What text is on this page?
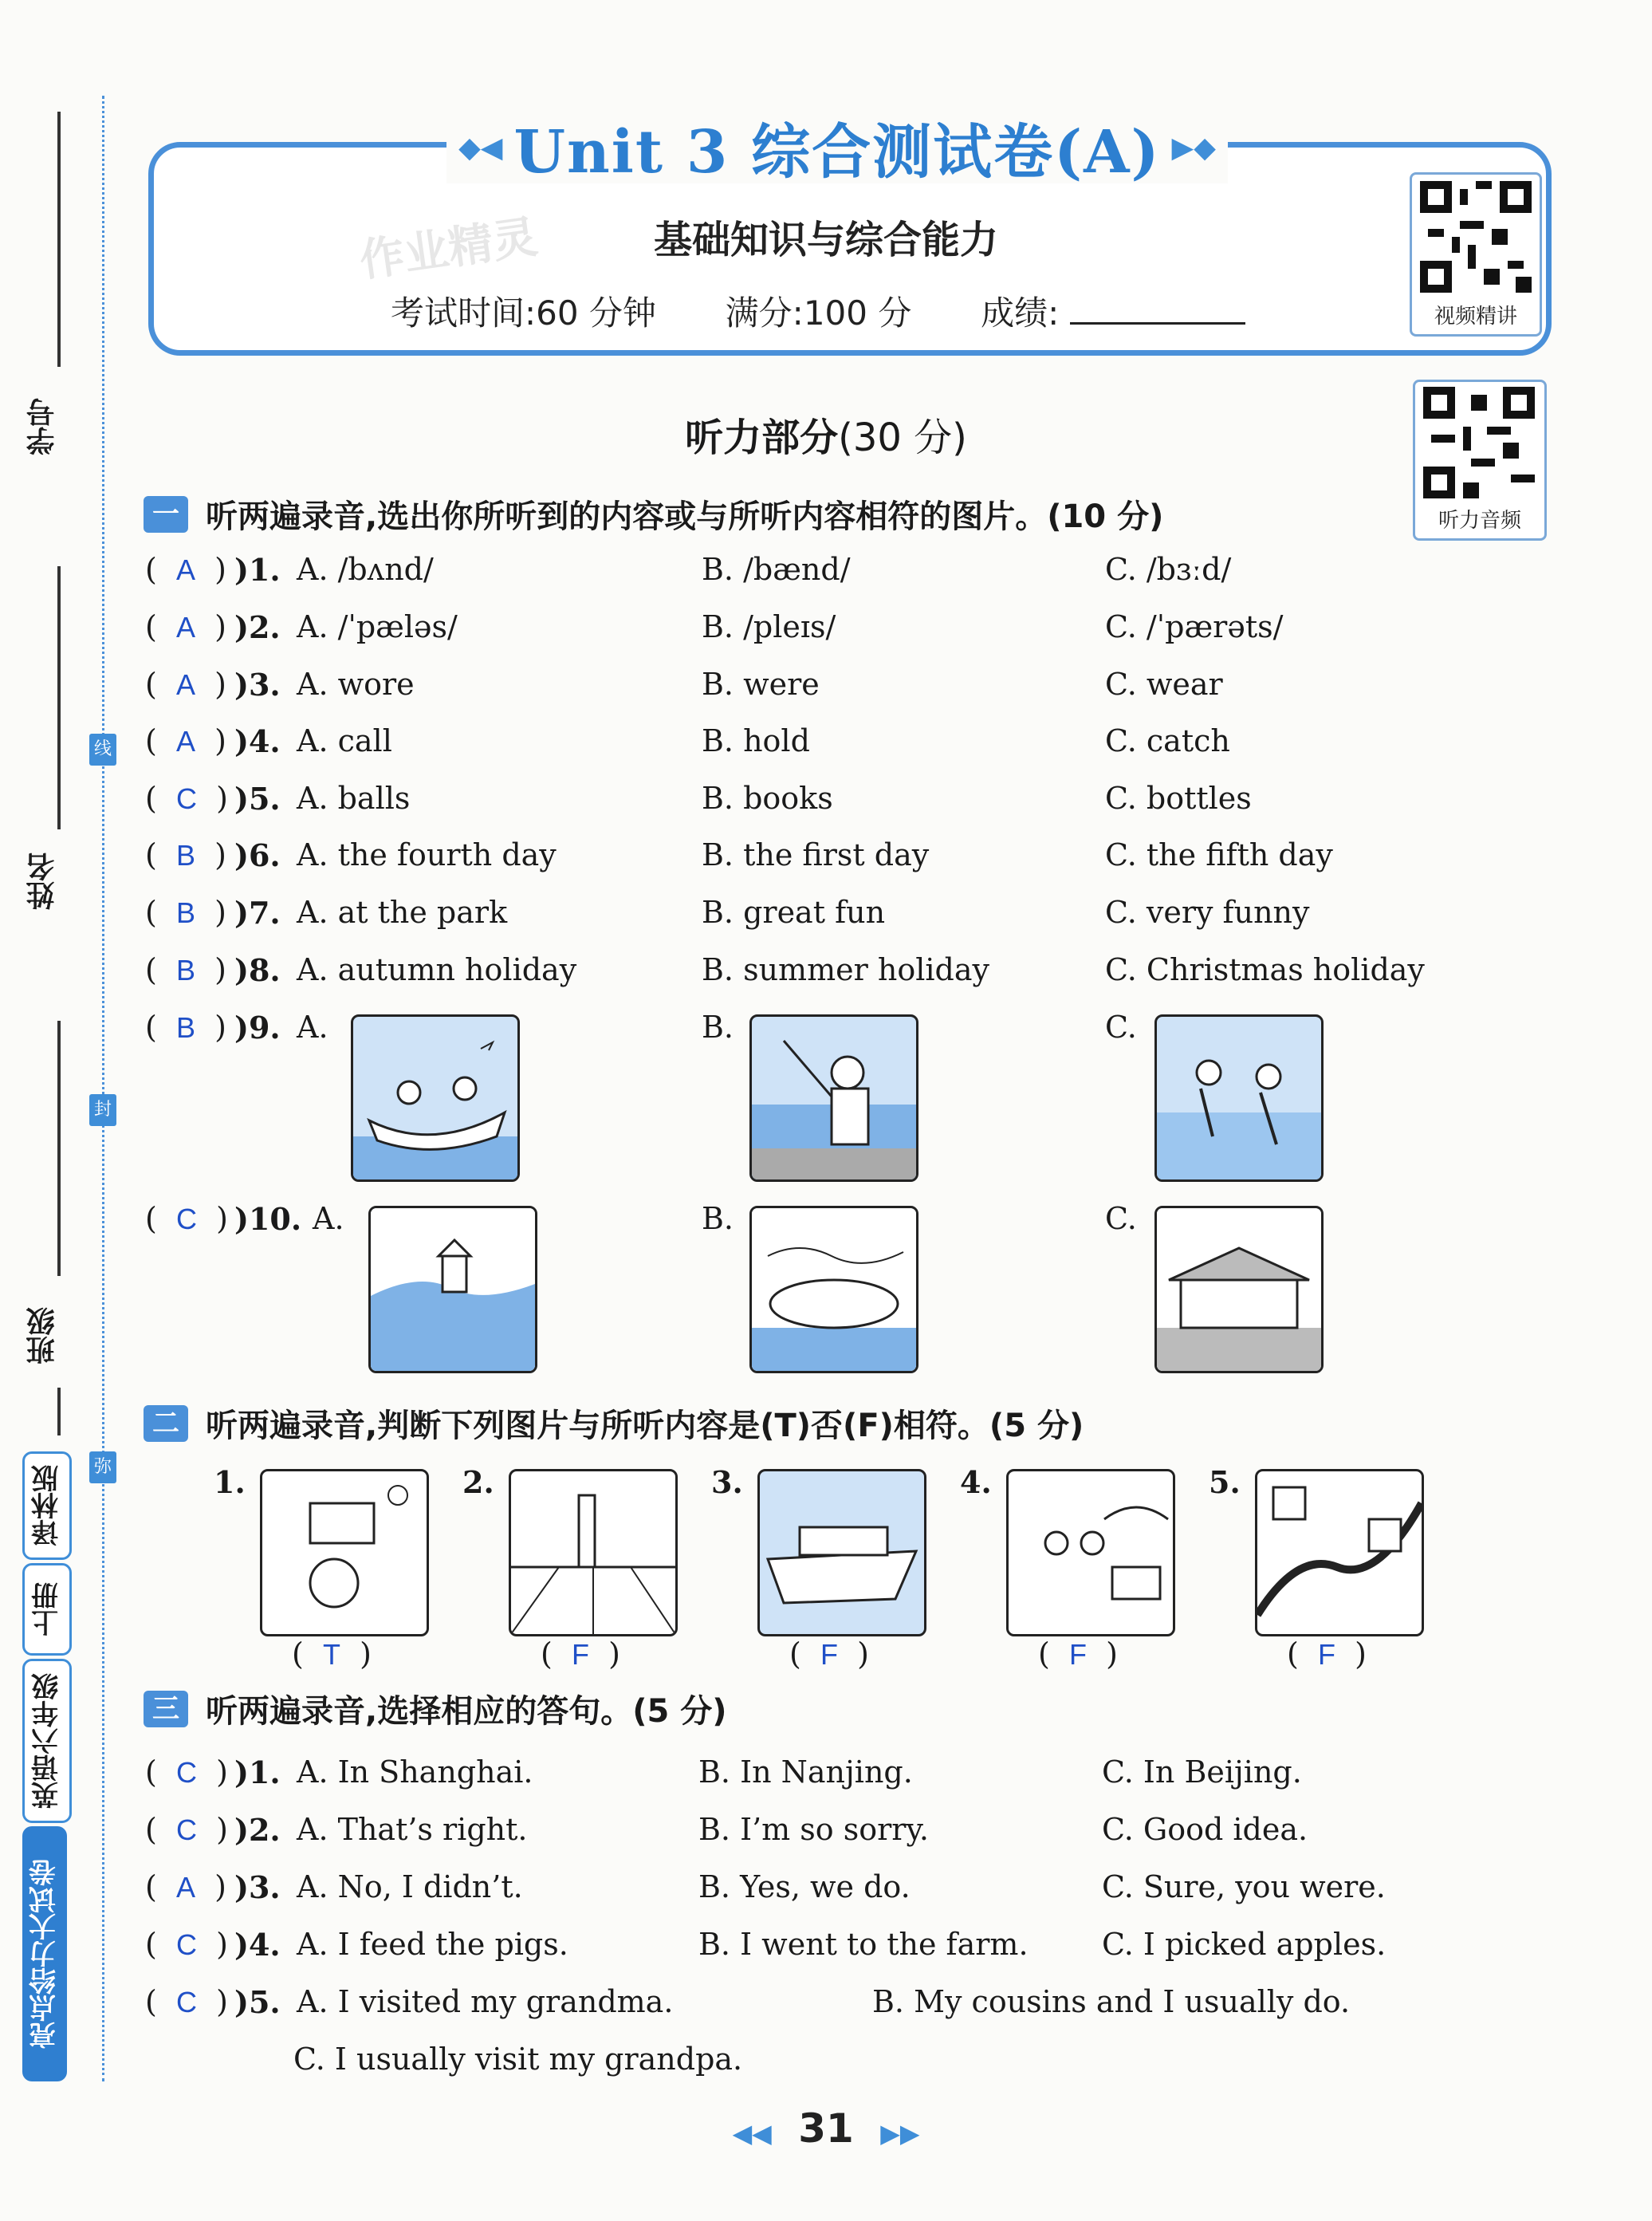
学号
姓名
班级
线
封
弥
译林版
上册
英语六年级
亮点给力大试卷
◆◀ Unit 3 综合测试卷(A) ▶◆
作业精灵	基础知识与综合能力
考试时间:60 分钟 满分:100 分 成绩:	视频精讲
听力部分(30 分)
听力音频
一 听两遍录音,选出你所听到的内容或与所听内容相符的图片。(10 分)
(  A ) )1. A. /bʌnd/	B. /bænd/	C. /bɜːd/
(  A ) )2. A. /ˈpæləs/	B. /pleɪs/	C. /ˈpærəts/
(  A ) )3. A. wore	B. were	C. wear
(  A ) )4. A. call	B. hold	C. catch
(  C ) )5. A. balls	B. books	C. bottles
(  B ) )6. A. the fourth day	B. the first day	C. the fifth day
(  B ) )7. A. at the park	B. great fun	C. very funny
(  B ) )8. A. autumn holiday	B. summer holiday	C. Christmas holiday
(  B ) )9. A.	B.	C.
(  C ) )10. A.	B.	C.
二 听两遍录音,判断下列图片与所听内容是(T)否(F)相符。(5 分)
1.
(  T  )
2.
(  F  )
3.
(  F  )
4.
(  F  )
5.
(  F  )
三 听两遍录音,选择相应的答句。(5 分)
(  C ) )1. A. In Shanghai.	B. In Nanjing.	C. In Beijing.
(  C ) )2. A. That’s right.	B. I’m so sorry.	C. Good idea.
(  A ) )3. A. No, I didn’t.	B. Yes, we do.	C. Sure, you were.
(  C ) )4. A. I feed the pigs.	B. I went to the farm. C. I picked apples.
(  C ) )5. A. I visited my grandma.	B. My cousins and I usually do.
C. I usually visit my grandpa.
◀◀ 31 ▶▶
